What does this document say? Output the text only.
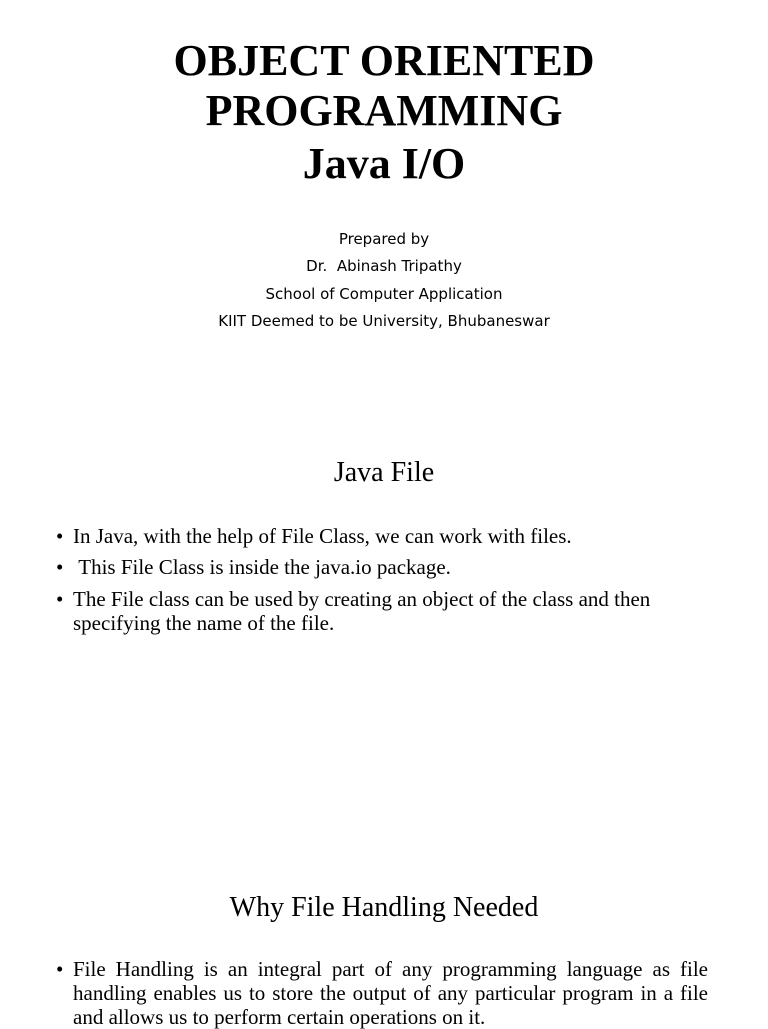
OBJECT ORIENTED
PROGRAMMING
Java I/O
Prepared by
Dr.  Abinash Tripathy
School of Computer Application
KIIT Deemed to be University, Bhubaneswar
Java File
• In Java, with the help of File Class, we can work with files.
• This File Class is inside the java.io package.
• The File class can be used by creating an object of the class and then specifying the name of the file.
Why File Handling Needed
• File Handling is an integral part of any programming language as file handling enables us to store the output of any particular program in a file and allows us to perform certain operations on it.
